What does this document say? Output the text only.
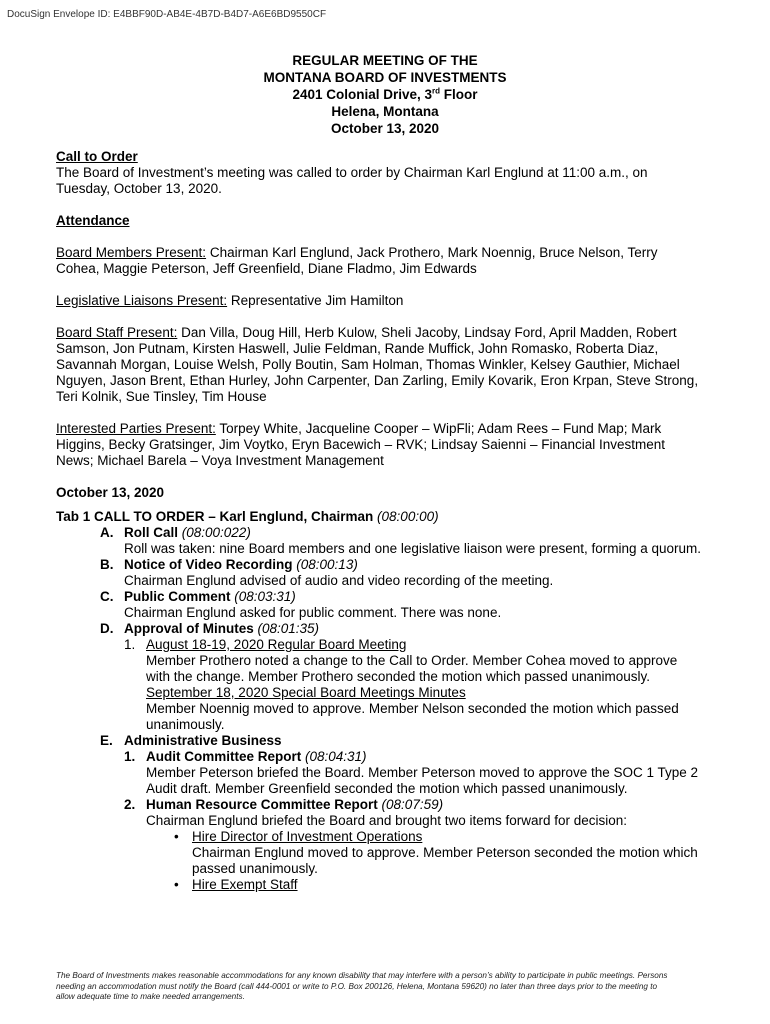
DocuSign Envelope ID: E4BBF90D-AB4E-4B7D-B4D7-A6E6BD9550CF
REGULAR MEETING OF THE
MONTANA BOARD OF INVESTMENTS
2401 Colonial Drive, 3rd Floor
Helena, Montana
October 13, 2020

Call to Order

The Board of Investment’s meeting was called to order by Chairman Karl Englund at 11:00 a.m., on

Tuesday, October 13, 2020.

Attendance

Board Members Present: Chairman Karl Englund, Jack Prothero, Mark Noennig, Bruce Nelson, Terry

Cohea, Maggie Peterson, Jeff Greenfield, Diane Fladmo, Jim Edwards

Legislative Liaisons Present: Representative Jim Hamilton

Board Staff Present: Dan Villa, Doug Hill, Herb Kulow, Sheli Jacoby, Lindsay Ford, April Madden, Robert

Samson, Jon Putnam, Kirsten Haswell, Julie Feldman, Rande Muffick, John Romasko, Roberta Diaz,

Savannah Morgan, Louise Welsh, Polly Boutin, Sam Holman, Thomas Winkler, Kelsey Gauthier, Michael

Nguyen, Jason Brent, Ethan Hurley, John Carpenter, Dan Zarling, Emily Kovarik, Eron Krpan, Steve Strong,

Teri Kolnik, Sue Tinsley, Tim House

Interested Parties Present: Torpey White, Jacqueline Cooper – WipFli; Adam Rees – Fund Map; Mark

Higgins, Becky Gratsinger, Jim Voytko, Eryn Bacewich – RVK; Lindsay Saienni – Financial Investment

News; Michael Barela – Voya Investment Management

October 13, 2020

Tab 1 CALL TO ORDER – Karl Englund, Chairman (08:00:00)

A. Roll Call (08:00:022)

Roll was taken: nine Board members and one legislative liaison were present, forming a quorum.

B. Notice of Video Recording (08:00:13)

Chairman Englund advised of audio and video recording of the meeting.

C. Public Comment (08:03:31)

Chairman Englund asked for public comment. There was none.

D. Approval of Minutes (08:01:35)

1. August 18-19, 2020 Regular Board Meeting

Member Prothero noted a change to the Call to Order. Member Cohea moved to approve

with the change. Member Prothero seconded the motion which passed unanimously.

September 18, 2020 Special Board Meetings Minutes

Member Noennig moved to approve. Member Nelson seconded the motion which passed

unanimously.

E. Administrative Business

1. Audit Committee Report (08:04:31)

Member Peterson briefed the Board. Member Peterson moved to approve the SOC 1 Type 2

Audit draft. Member Greenfield seconded the motion which passed unanimously.

2. Human Resource Committee Report (08:07:59)

Chairman Englund briefed the Board and brought two items forward for decision:

• Hire Director of Investment Operations

Chairman Englund moved to approve. Member Peterson seconded the motion which

passed unanimously.

• Hire Exempt Staff

The Board of Investments makes reasonable accommodations for any known disability that may interfere with a person’s ability to participate in public meetings. Persons
needing an accommodation must notify the Board (call 444-0001 or write to P.O. Box 200126, Helena, Montana 59620) no later than three days prior to the meeting to
allow adequate time to make needed arrangements.
